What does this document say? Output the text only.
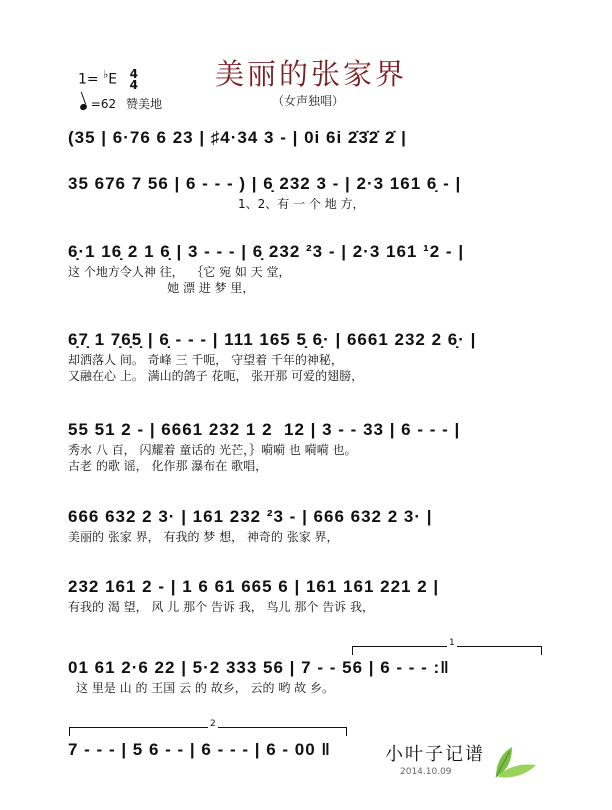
美丽的张家界
（女声独唱）
1= ♭E 4
4
=62 赞美地
(35 | 6·76 6 23 | ♯4·34 3 - | 0i 6i 2̇3̇2̇ 2̇ |
35 676 7 56 | 6 - - - ) | 6̣ 232 3 - | 2·3 161 6̣ - |
1、2、有 一 个 地 方，
6̣·1 16̣ 2 1 6̣ | 3 - - - | 6̣ 232 ²3 - | 2·3 161 ¹2 - |
这 个地方令人神 往，  ｛它 宛 如 天 堂，
她 漂 进 梦 里，
6̣7̣ 1 7̣6̣5̣ | 6̣ - - - | 111 165 5̣ 6̣· | 6661 232 2 6̣· |
却洒落人 间。 奇峰 三 千呃， 守望着 千年的神秘，
又融在心 上。 满山的鸽子 花呃， 张开那 可爱的翅膀，
55 51 2 - | 6661 232 1 2  12 | 3 - - 33 | 6 - - - |
秀水 八 百， 闪耀着 童话的 光芒，｝嗬嗬 也 嗬嗬 也。
古老 的歌 谣， 化作那 瀑布在 歌唱，
666 632 2 3· | 161 232 ²3 - | 666 632 2 3· |
美丽的 张家 界， 有我的 梦 想， 神奇的 张家 界，
232 161 2 - | 1 6 61 665 6 | 161 161 221 2 |
有我的 渴 望， 风 儿 那个 告诉 我， 鸟儿 那个 告诉 我，
1
01 61 2·6 22 | 5·2 333 56 | 7 - - 56 | 6 - - - :‖
这 里是 山 的 王国 云 的 故乡， 云的 哟 故 乡。
2
7 - - - | 5 6 - - | 6 - - - | 6 - 00 ‖	小叶子记谱
2014.10.09
